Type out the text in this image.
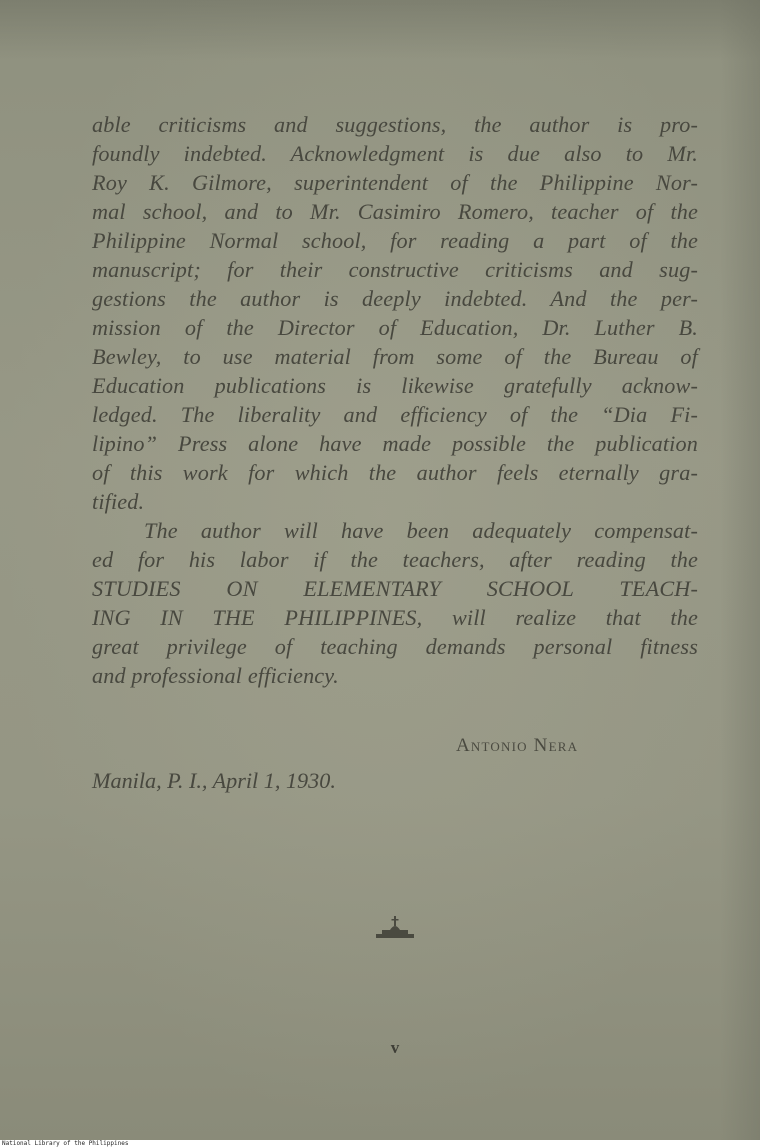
able criticisms and suggestions, the author is pro-
foundly indebted. Acknowledgment is due also to Mr.
Roy K. Gilmore, superintendent of the Philippine Nor-
mal school, and to Mr. Casimiro Romero, teacher of the
Philippine Normal school, for reading a part of the
manuscript; for their constructive criticisms and sug-
gestions the author is deeply indebted. And the per-
mission of the Director of Education, Dr. Luther B.
Bewley, to use material from some of the Bureau of
Education publications is likewise gratefully acknow-
ledged. The liberality and efficiency of the “Dia Fi-
lipino” Press alone have made possible the publication
of this work for which the author feels eternally gra-
tified.
The author will have been adequately compensat-
ed for his labor if the teachers, after reading the
STUDIES ON ELEMENTARY SCHOOL TEACH-
ING IN THE PHILIPPINES, will realize that the
great privilege of teaching demands personal fitness
and professional efficiency.
Antonio Nera
Manila, P. I., April 1, 1930.
v
National Library of the Philippines
